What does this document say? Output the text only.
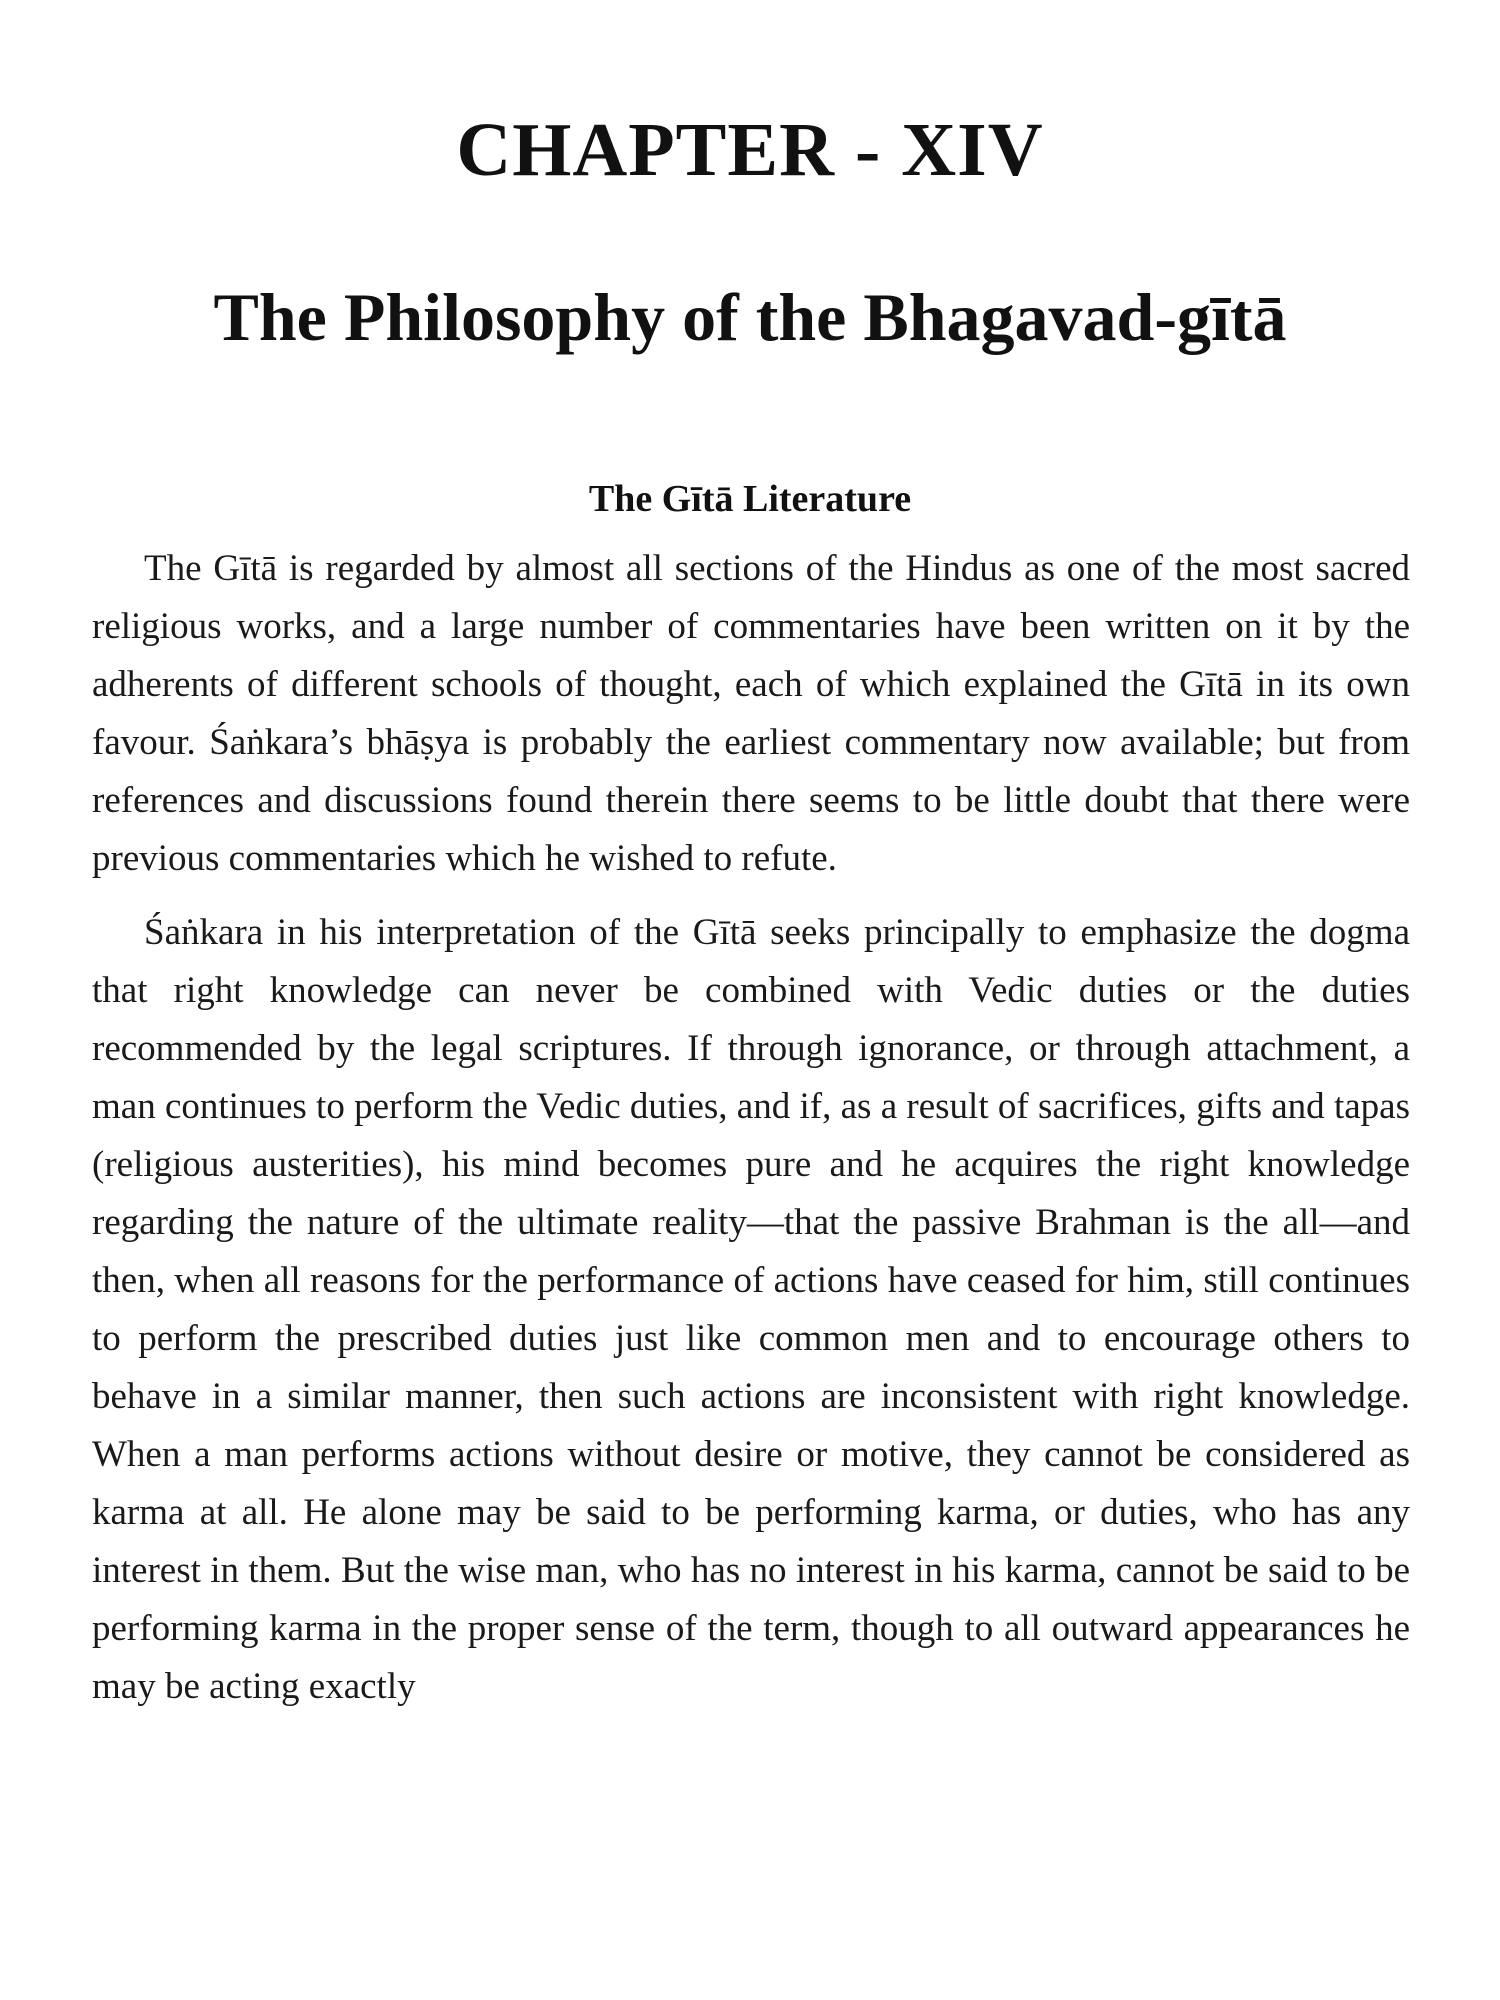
CHAPTER - XIV
The Philosophy of the Bhagavad-gītā
The Gītā Literature

The Gītā is regarded by almost all sections of the Hindus as one of the most sacred religious works, and a large number of commentaries have been written on it by the adherents of different schools of thought, each of which explained the Gītā in its own favour. Śaṅkara’s bhāṣya is probably the earliest commentary now available; but from references and discussions found therein there seems to be little doubt that there were previous commentaries which he wished to refute.

Śaṅkara in his interpretation of the Gītā seeks principally to emphasize the dogma that right knowledge can never be combined with Vedic duties or the duties recommended by the legal scriptures. If through ignorance, or through attachment, a man continues to perform the Vedic duties, and if, as a result of sacrifices, gifts and tapas (religious austerities), his mind becomes pure and he acquires the right knowledge regarding the nature of the ultimate reality—that the passive Brahman is the all—and then, when all reasons for the performance of actions have ceased for him, still continues to perform the prescribed duties just like common men and to encourage others to behave in a similar manner, then such actions are inconsistent with right knowledge. When a man performs actions without desire or motive, they cannot be considered as karma at all. He alone may be said to be performing karma, or duties, who has any interest in them. But the wise man, who has no interest in his karma, cannot be said to be performing karma in the proper sense of the term, though to all outward appearances he may be acting exactly
